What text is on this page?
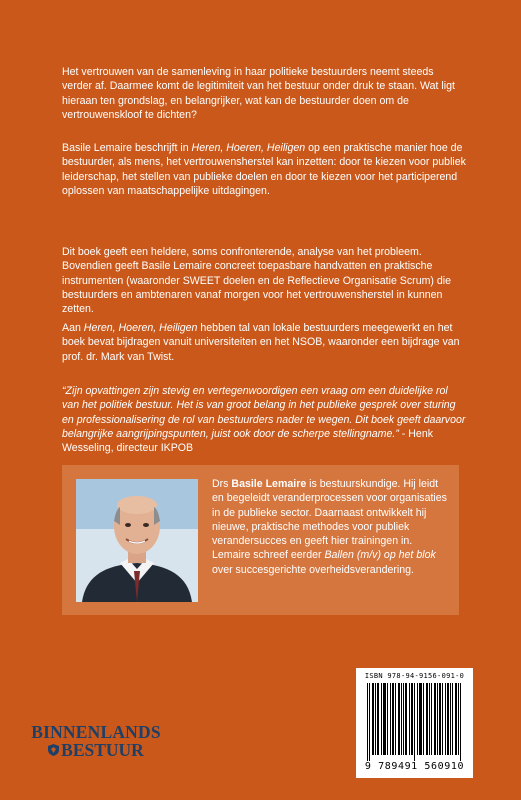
Het vertrouwen van de samenleving in haar politieke bestuurders neemt steeds verder af. Daarmee komt de legitimiteit van het bestuur onder druk te staan. Wat ligt hieraan ten grondslag, en belangrijker, wat kan de bestuurder doen om de vertrouwenskloof te dichten?

Basile Lemaire beschrijft in Heren, Hoeren, Heiligen op een praktische manier hoe de bestuurder, als mens, het vertrouwensherstel kan inzetten: door te kiezen voor publiek leiderschap, het stellen van publieke doelen en door te kiezen voor het participerend oplossen van maatschappelijke uitdagingen.

Dit boek geeft een heldere, soms confronterende, analyse van het probleem. Bovendien geeft Basile Lemaire concreet toepasbare handvatten en praktische instrumenten (waaronder SWEET doelen en de Reflectieve Organisatie Scrum) die bestuurders en ambtenaren vanaf morgen voor het vertrouwensherstel in kunnen zetten.

Aan Heren, Hoeren, Heiligen hebben tal van lokale bestuurders meegewerkt en het boek bevat bijdragen vanuit universiteiten en het NSOB, waaronder een bijdrage van prof. dr. Mark van Twist.

“Zijn opvattingen zijn stevig en vertegenwoordigen een vraag om een duidelijke rol van het politiek bestuur. Het is van groot belang in het publieke gesprek over sturing en professionalisering de rol van bestuurders nader te wegen. Dit boek geeft daarvoor belangrijke aangrijpingspunten, juist ook door de scherpe stellingname.” - Henk Wesseling, directeur IKPOB

Drs Basile Lemaire is bestuurskundige. Hij leidt en begeleidt veranderprocessen voor organisaties in de publieke sector. Daarnaast ontwikkelt hij nieuwe, praktische methodes voor publiek verandersucces en geeft hier trainingen in. Lemaire schreef eerder Ballen (m/v) op het blok over succesgerichte overheidsverandering.
BINNENLANDS
BESTUUR
ISBN 978-94-9156-091-0
9 789491 560910
